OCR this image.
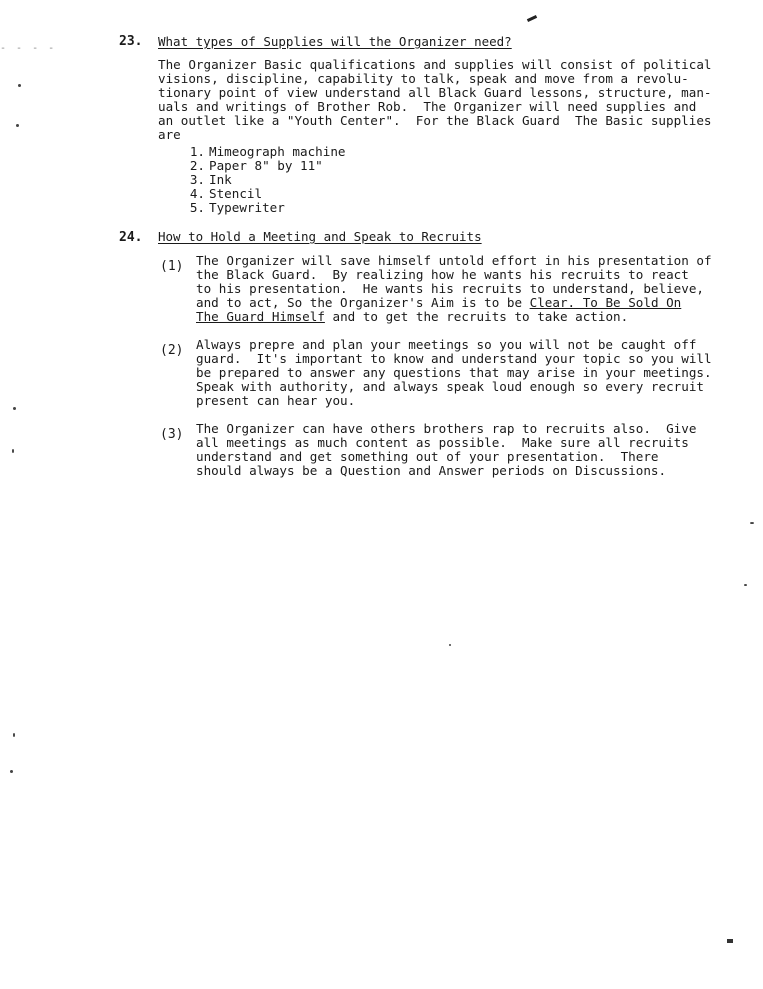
- - - -	23. What types of Supplies will the Organizer need?
The Organizer Basic qualifications and supplies will consist of political
visions, discipline, capability to talk, speak and move from a revolu-
tionary point of view understand all Black Guard lessons, structure, man-
uals and writings of Brother Rob.  The Organizer will need supplies and
an outlet like a "Youth Center".  For the Black Guard  The Basic supplies
are
1. Mimeograph machine
2. Paper 8" by 11"
3. Ink
4. Stencil
5. Typewriter
24. How to Hold a Meeting and Speak to Recruits
(1) The Organizer will save himself untold effort in his presentation of
the Black Guard.  By realizing how he wants his recruits to react
to his presentation.  He wants his recruits to understand, believe,
and to act, So the Organizer's Aim is to be Clear. To Be Sold On
The Guard Himself and to get the recruits to take action.
(2) Always prepre and plan your meetings so you will not be caught off
guard.  It's important to know and understand your topic so you will
be prepared to answer any questions that may arise in your meetings.
Speak with authority, and always speak loud enough so every recruit
present can hear you.
(3) The Organizer can have others brothers rap to recruits also.  Give
all meetings as much content as possible.  Make sure all recruits
understand and get something out of your presentation.  There
should always be a Question and Answer periods on Discussions.
